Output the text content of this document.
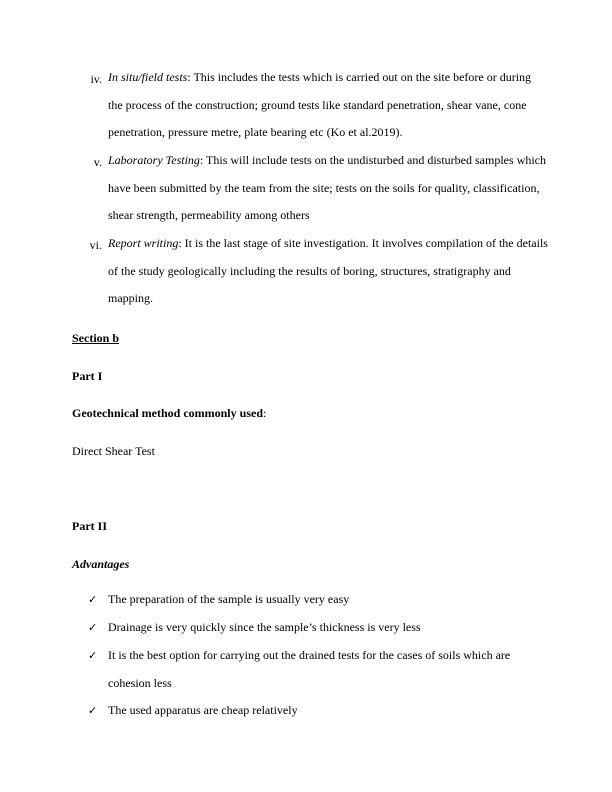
iv. In situ/field tests: This includes the tests which is carried out on the site before or during the process of the construction; ground tests like standard penetration, shear vane, cone penetration, pressure metre, plate bearing etc (Ko et al.2019).
v. Laboratory Testing: This will include tests on the undisturbed and disturbed samples which have been submitted by the team from the site; tests on the soils for quality, classification, shear strength, permeability among others
vi. Report writing: It is the last stage of site investigation. It involves compilation of the details of the study geologically including the results of boring, structures, stratigraphy and mapping.
Section b
Part I
Geotechnical method commonly used:
Direct Shear Test
Part II
Advantages
✓ The preparation of the sample is usually very easy
✓ Drainage is very quickly since the sample’s thickness is very less
✓ It is the best option for carrying out the drained tests for the cases of soils which are cohesion less
✓ The used apparatus are cheap relatively
